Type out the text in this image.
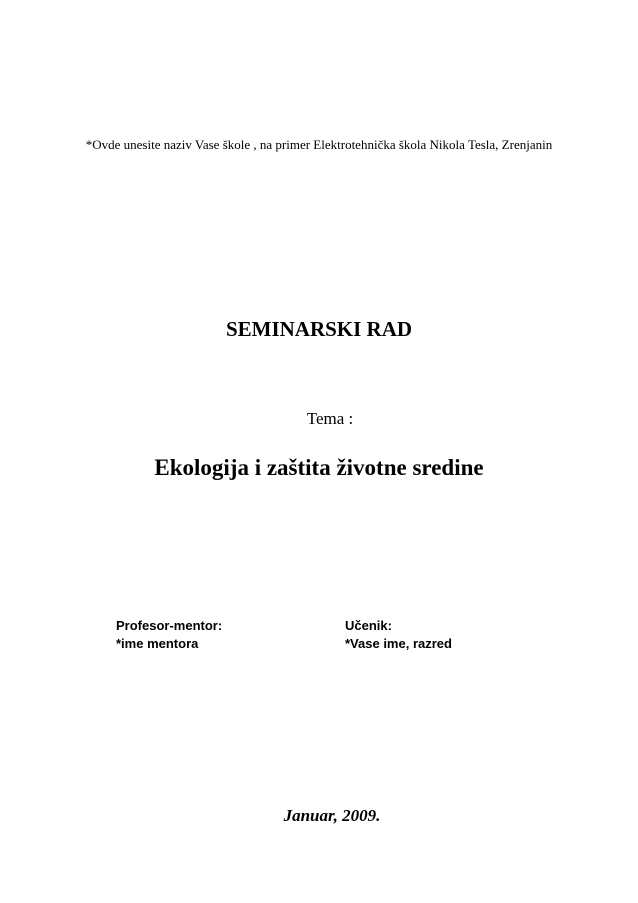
*Ovde unesite naziv Vase škole , na primer Elektrotehnička škola Nikola Tesla, Zrenjanin
SEMINARSKI RAD
Tema :
Ekologija i zaštita životne sredine
Profesor-mentor:
*ime mentora
Učenik:
*Vase ime, razred
Januar, 2009.
